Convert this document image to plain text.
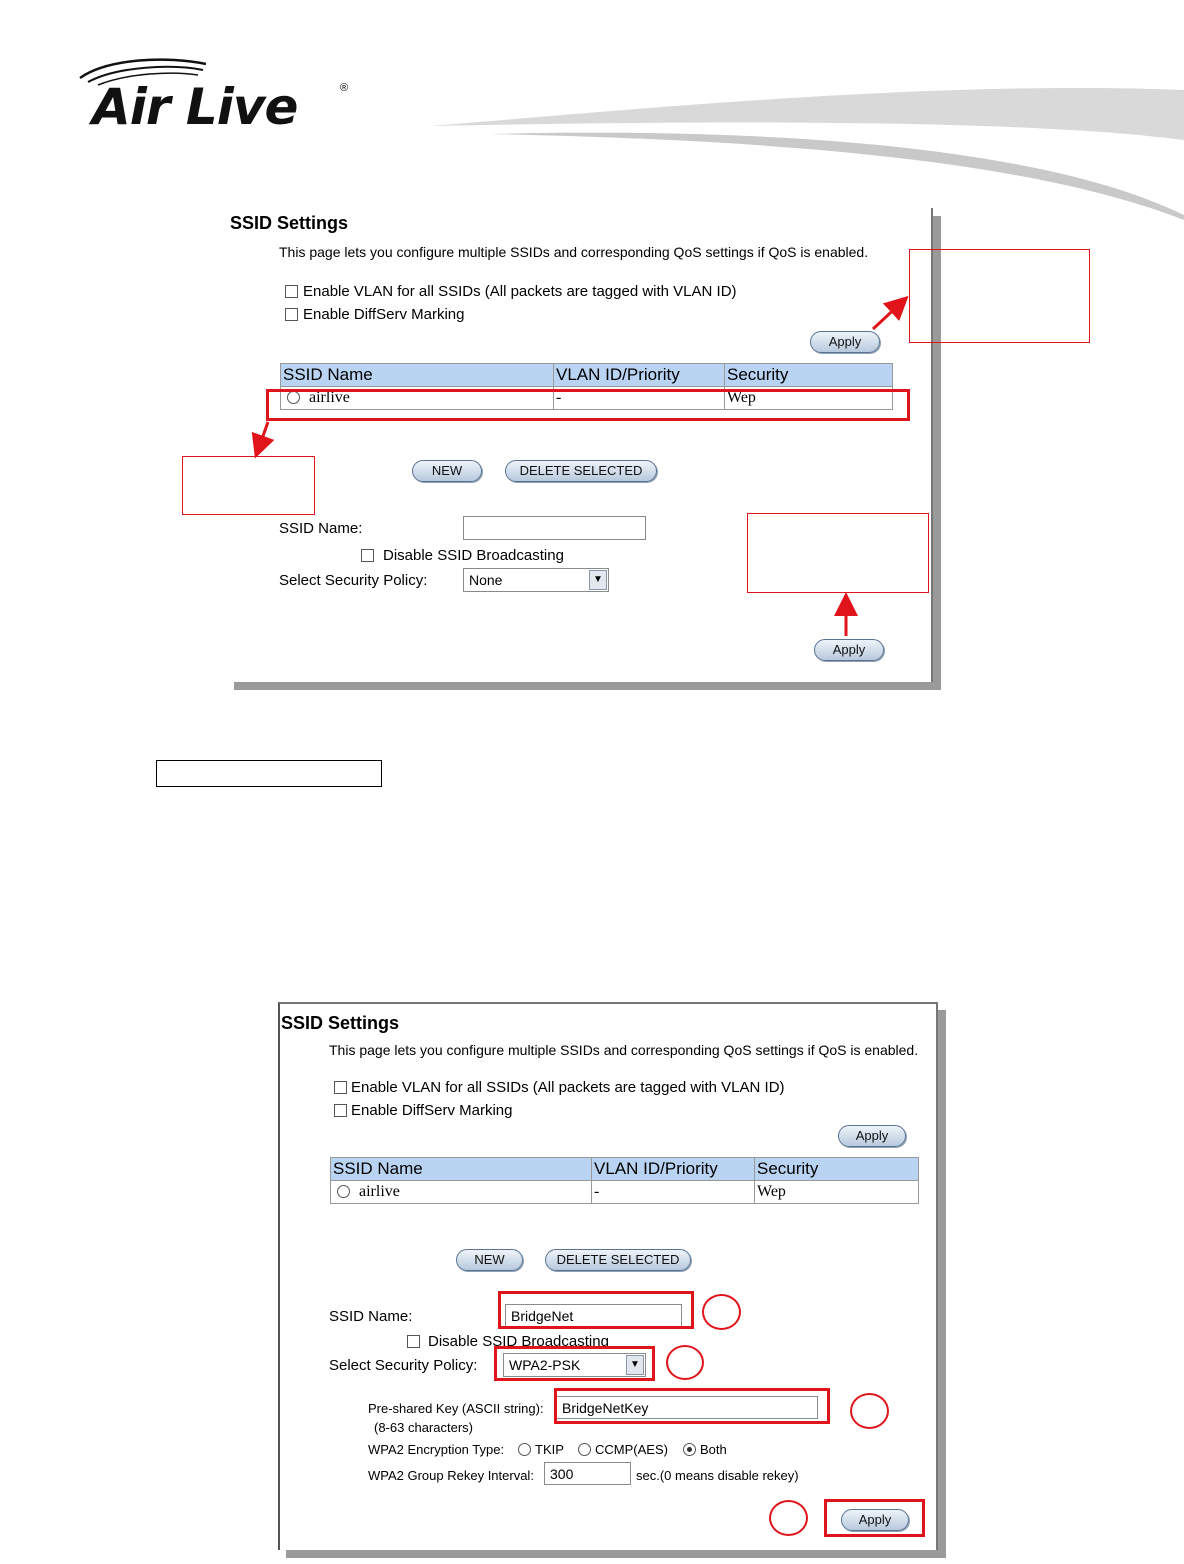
Air Live	®
SSID Settings
This page lets you configure multiple SSIDs and corresponding QoS settings if QoS is enabled.
Enable VLAN for all SSIDs (All packets are tagged with VLAN ID)
Enable DiffServ Marking
Apply
SSID Name	VLAN ID/Priority	Security

airlive	-	Wep
NEW	DELETE SELECTED
SSID Name:
Disable SSID Broadcasting
Select Security Policy:	None	▼
Apply
SSID Settings
This page lets you configure multiple SSIDs and corresponding QoS settings if QoS is enabled.
Enable VLAN for all SSIDs (All packets are tagged with VLAN ID)
Enable DiffServ Marking
Apply
SSID Name	VLAN ID/Priority	Security

airlive	-	Wep
NEW	DELETE SELECTED
SSID Name:	BridgeNet
Disable SSID Broadcasting
Select Security Policy:	WPA2-PSK	▼
Pre-shared Key (ASCII string):
(8-63 characters)
BridgeNetKey
WPA2 Encryption Type: TKIP CCMP(AES) Both
WPA2 Group Rekey Interval:	300	sec.(0 means disable rekey)
Apply
